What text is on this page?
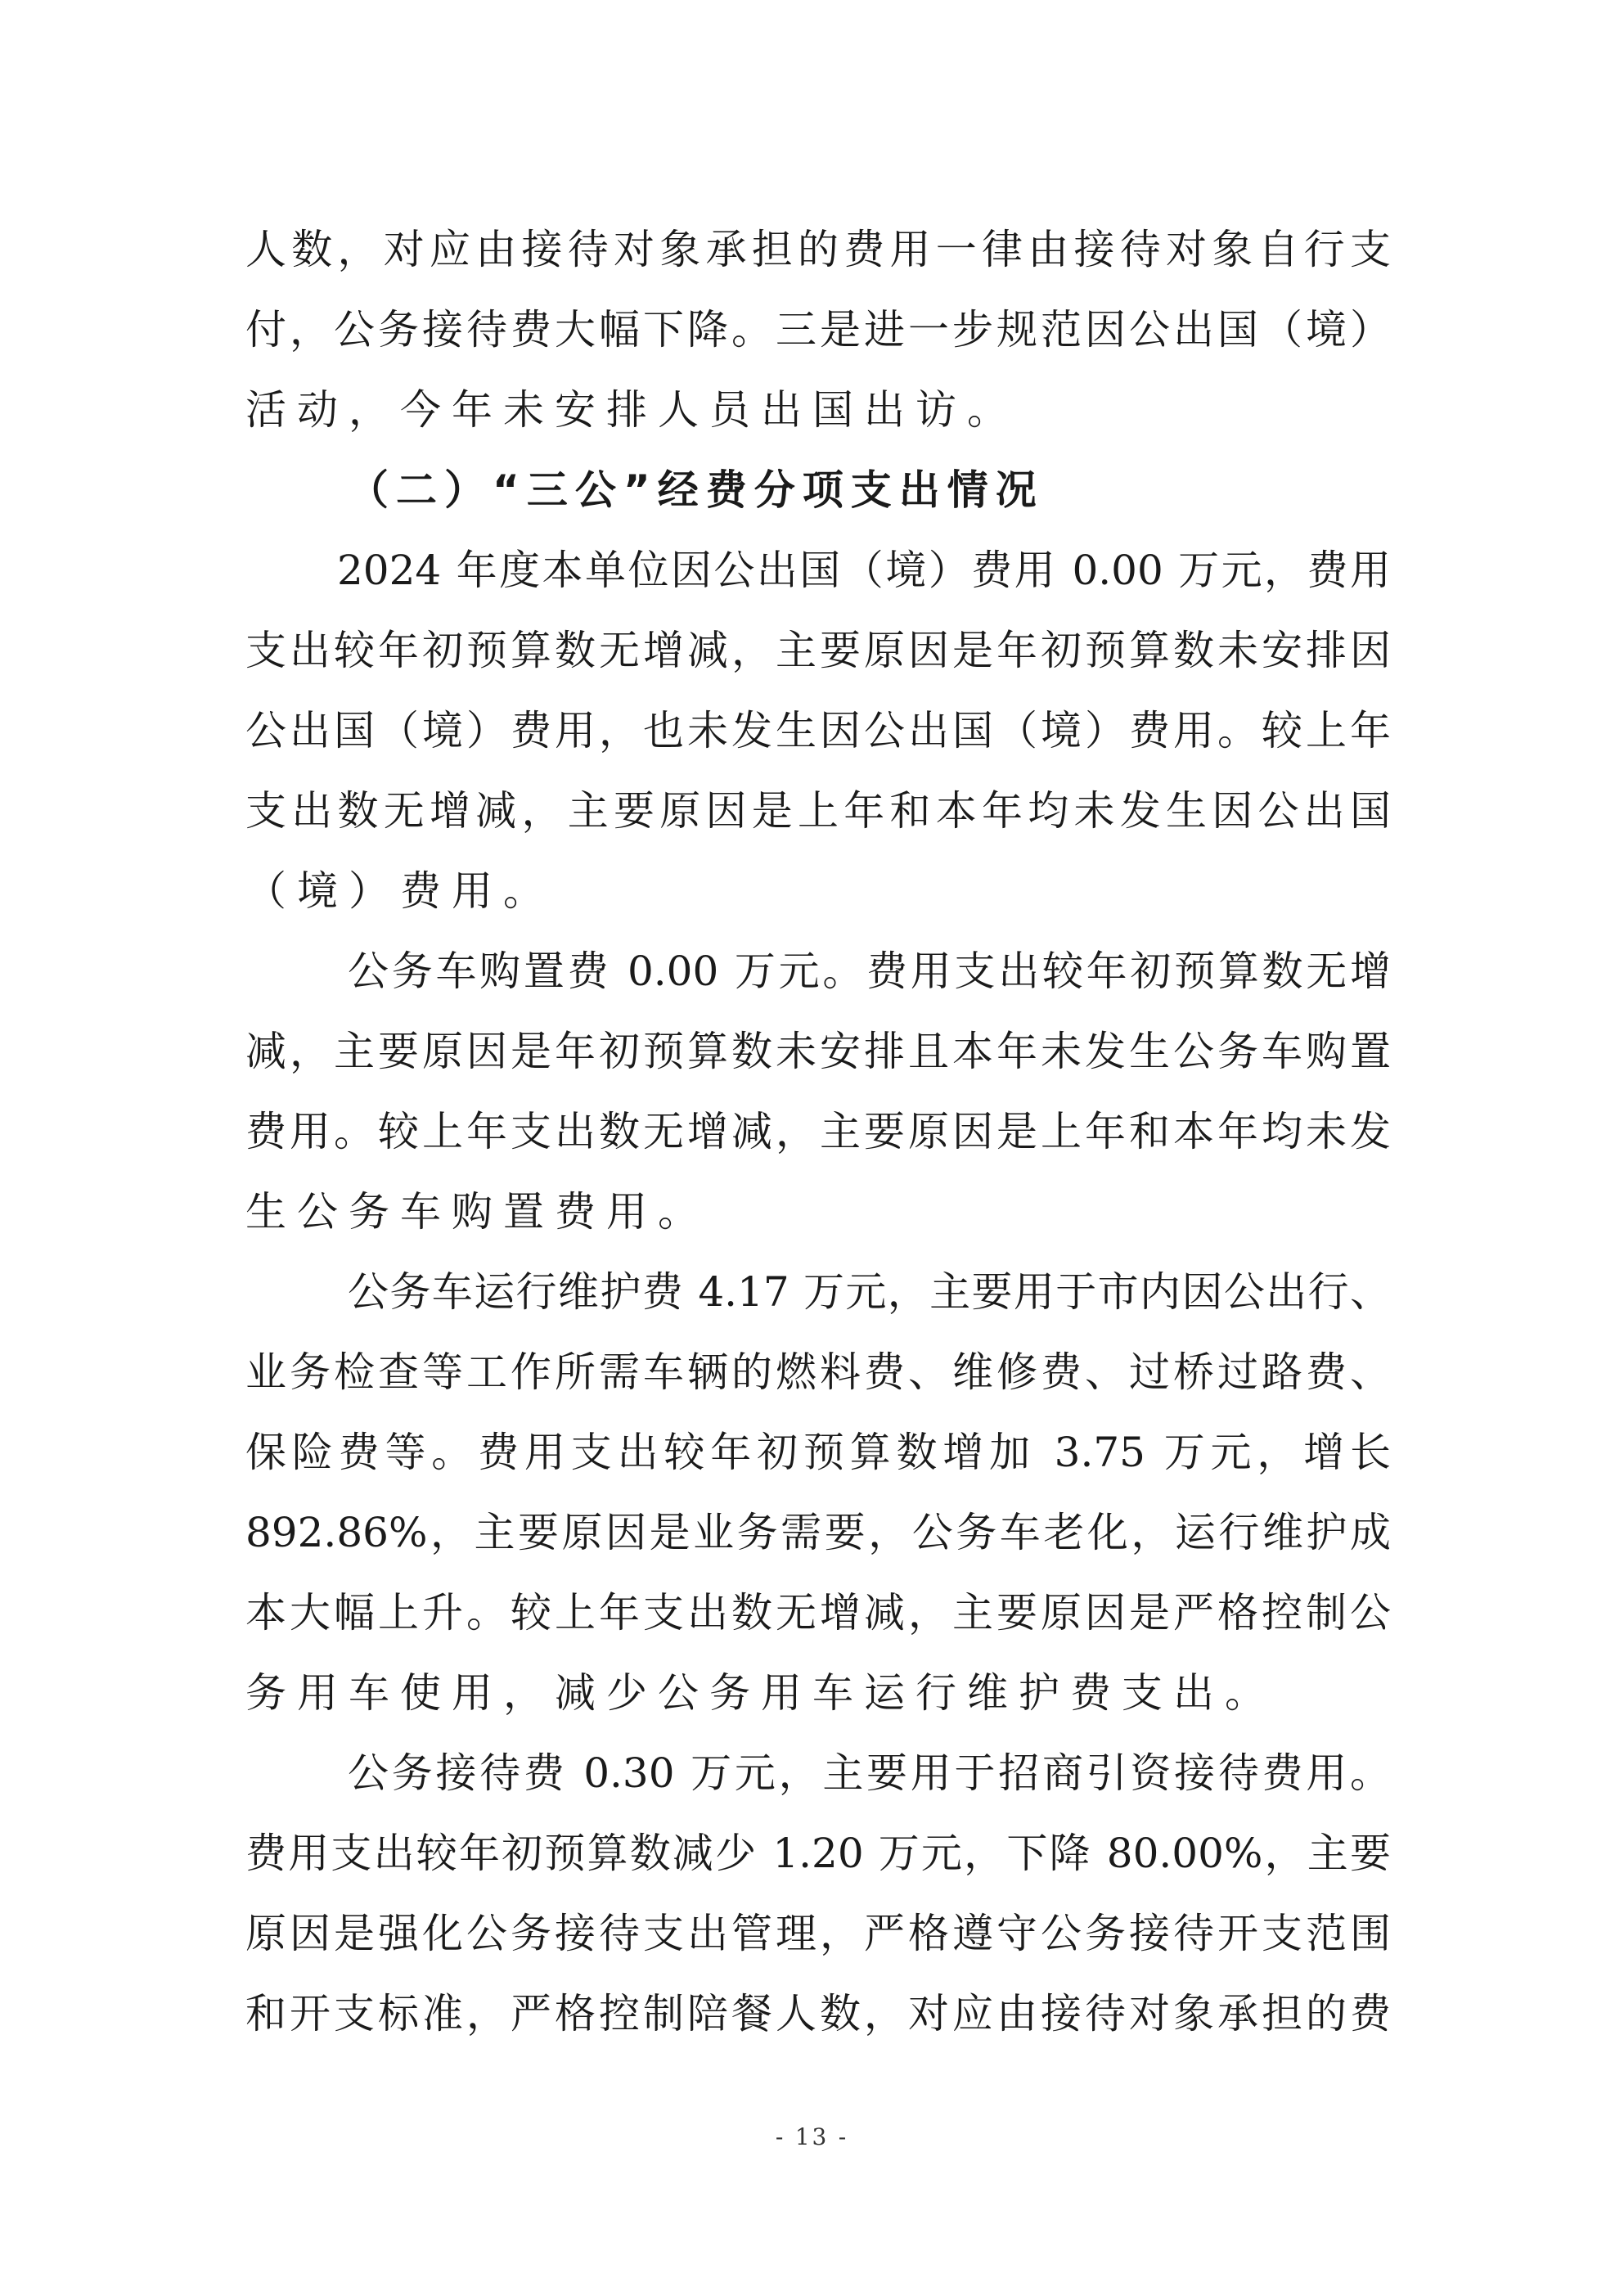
人数，对应由接待对象承担的费用一律由接待对象自行支
付，公务接待费大幅下降。三是进一步规范因公出国（境）
活动，今年未安排人员出国出访。
（二）“三公”经费分项支出情况
2024 年度本单位因公出国（境）费用 0.00 万元，费用
支出较年初预算数无增减，主要原因是年初预算数未安排因
公出国（境）费用，也未发生因公出国（境）费用。较上年
支出数无增减，主要原因是上年和本年均未发生因公出国
（境）费用。
公务车购置费 0.00 万元。费用支出较年初预算数无增
减，主要原因是年初预算数未安排且本年未发生公务车购置
费用。较上年支出数无增减，主要原因是上年和本年均未发
生公务车购置费用。
公务车运行维护费 4.17 万元，主要用于市内因公出行、
业务检查等工作所需车辆的燃料费、维修费、过桥过路费、
保险费等。费用支出较年初预算数增加 3.75 万元，增长
892.86%，主要原因是业务需要，公务车老化，运行维护成
本大幅上升。较上年支出数无增减，主要原因是严格控制公
务用车使用，减少公务用车运行维护费支出。
公务接待费 0.30 万元，主要用于招商引资接待费用。
费用支出较年初预算数减少 1.20 万元，下降 80.00%，主要
原因是强化公务接待支出管理，严格遵守公务接待开支范围
和开支标准，严格控制陪餐人数，对应由接待对象承担的费
- 13 -
